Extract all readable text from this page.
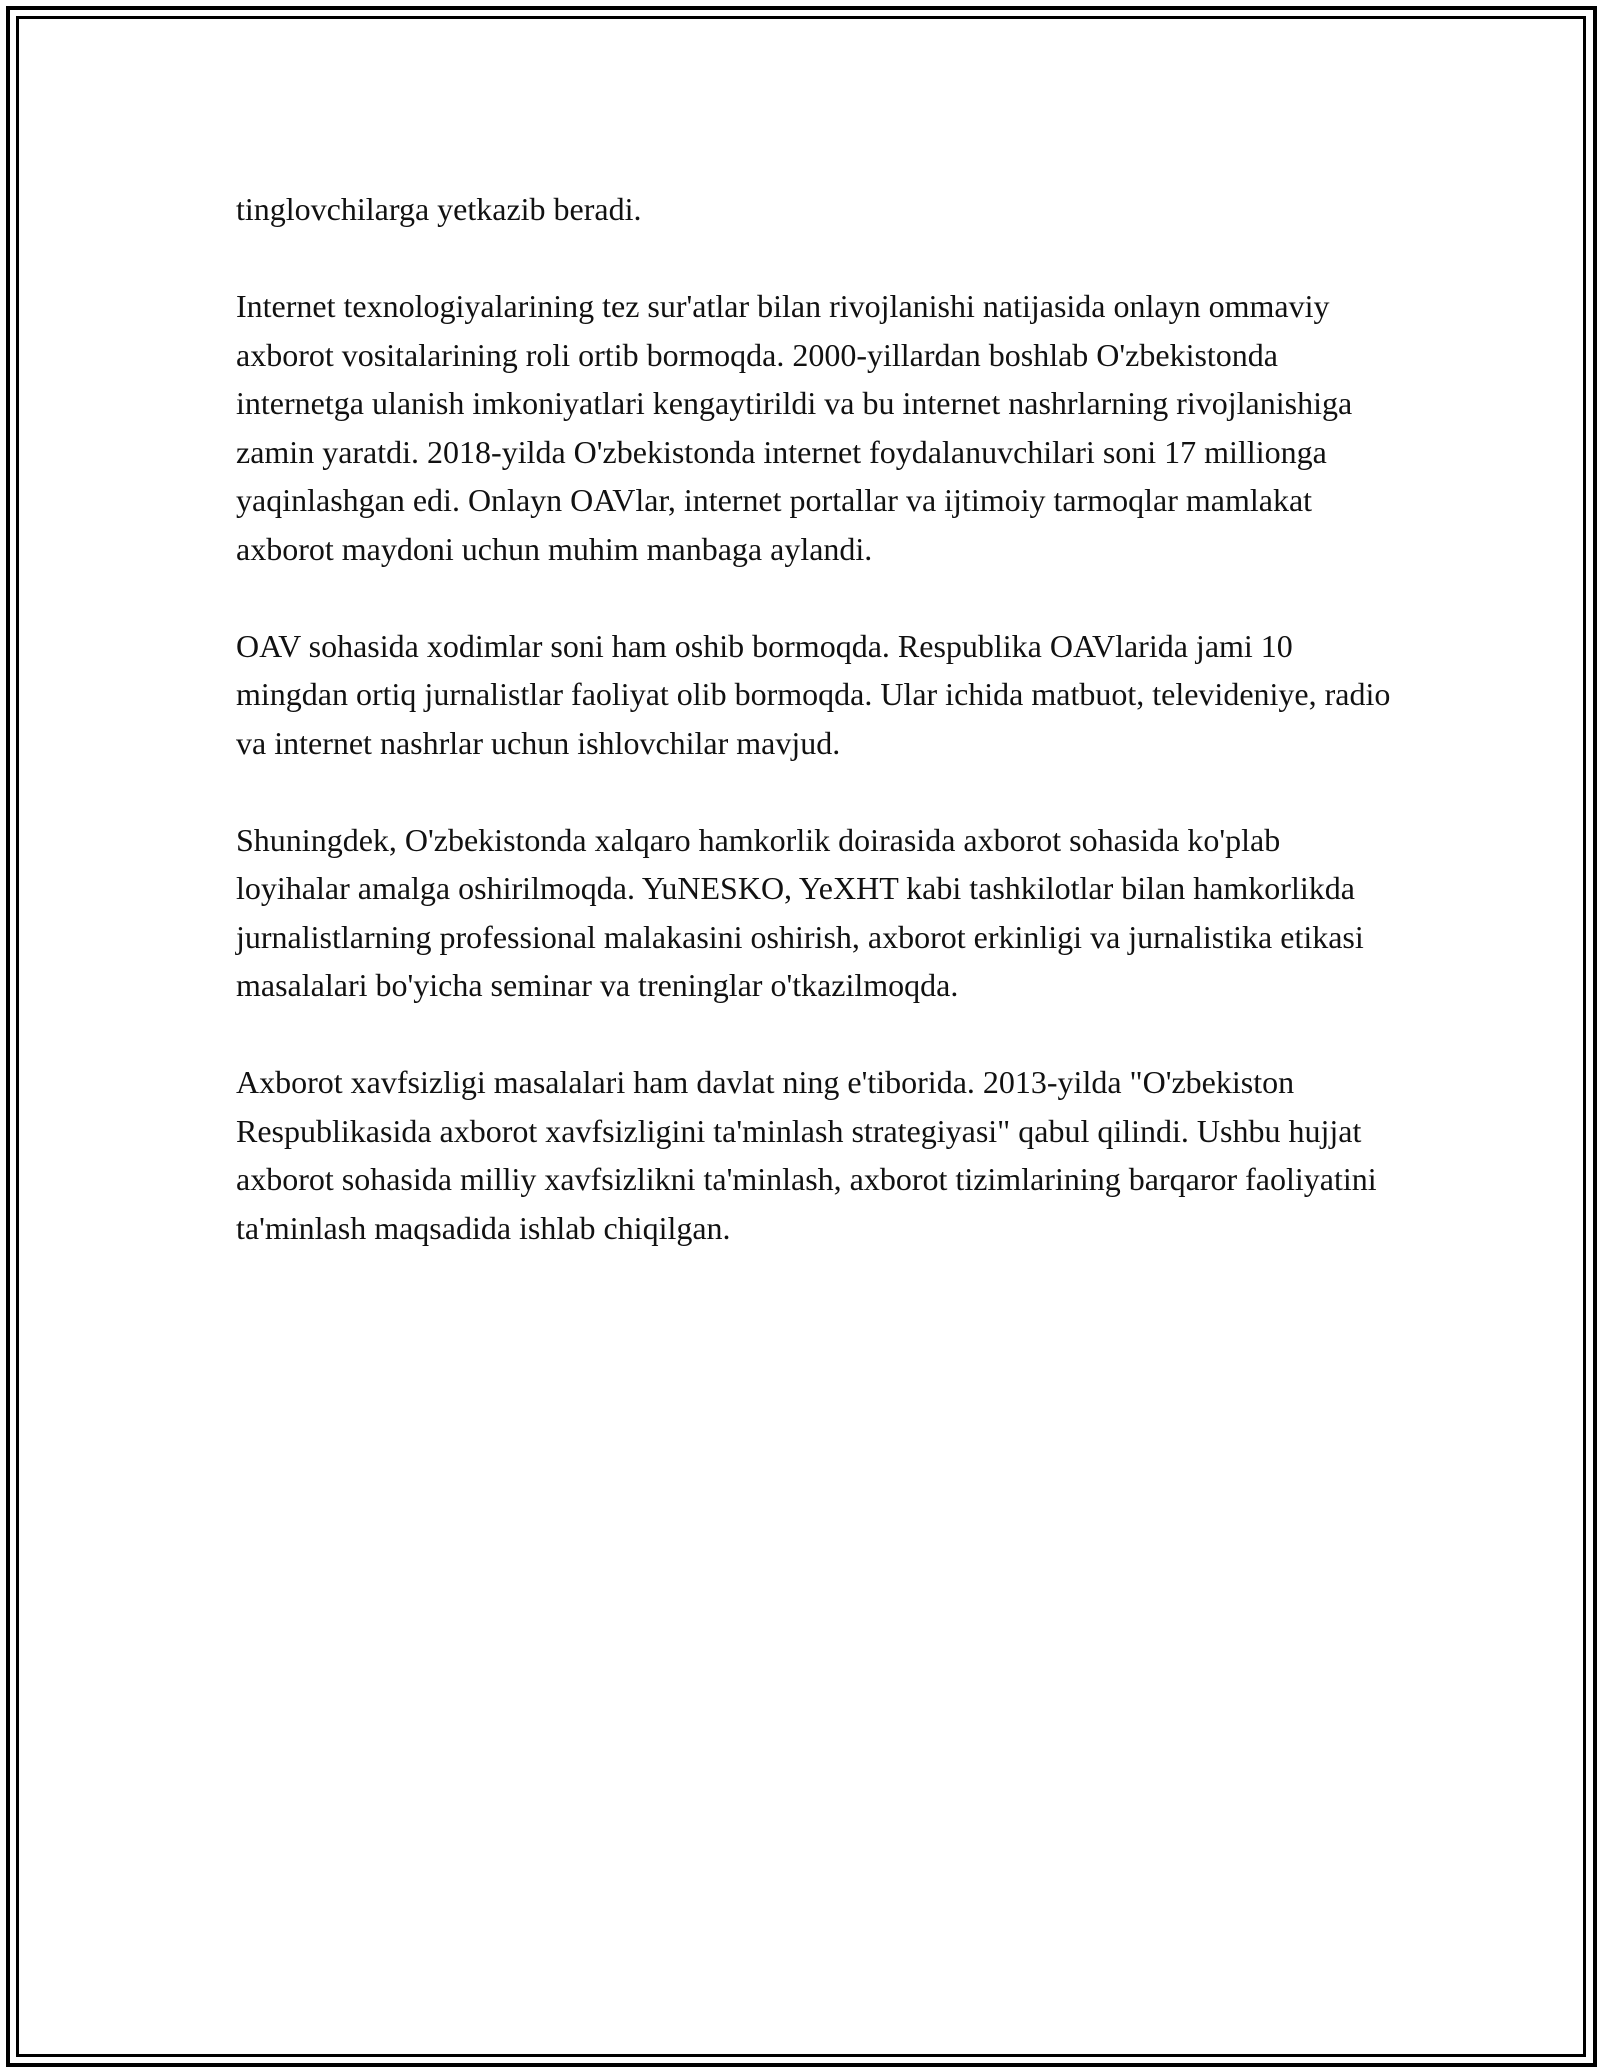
tinglovchilarga yetkazib beradi.

Internet texnologiyalarining tez sur'atlar bilan rivojlanishi natijasida onlayn ommaviy axborot vositalarining roli ortib bormoqda. 2000-yillardan boshlab O'zbekistonda internetga ulanish imkoniyatlari kengaytirildi va bu internet nashrlarning rivojlanishiga zamin yaratdi. 2018-yilda O'zbekistonda internet foydalanuvchilari soni 17 millionga yaqinlashgan edi. Onlayn OAVlar, internet portallar va ijtimoiy tarmoqlar mamlakat axborot maydoni uchun muhim manbaga aylandi.

OAV sohasida xodimlar soni ham oshib bormoqda. Respublika OAVlarida jami 10 mingdan ortiq jurnalistlar faoliyat olib bormoqda. Ular ichida matbuot, televideniye, radio va internet nashrlar uchun ishlovchilar mavjud.

Shuningdek, O'zbekistonda xalqaro hamkorlik doirasida axborot sohasida ko'plab loyihalar amalga oshirilmoqda. YuNESKO, YeXHT kabi tashkilotlar bilan hamkorlikda jurnalistlarning professional malakasini oshirish, axborot erkinligi va jurnalistika etikasi masalalari bo'yicha seminar va treninglar o'tkazilmoqda.

Axborot xavfsizligi masalalari ham davlat ning e'tiborida. 2013-yilda "O'zbekiston Respublikasida axborot xavfsizligini ta'minlash strategiyasi" qabul qilindi. Ushbu hujjat axborot sohasida milliy xavfsizlikni ta'minlash, axborot tizimlarining barqaror faoliyatini ta'minlash maqsadida ishlab chiqilgan.
